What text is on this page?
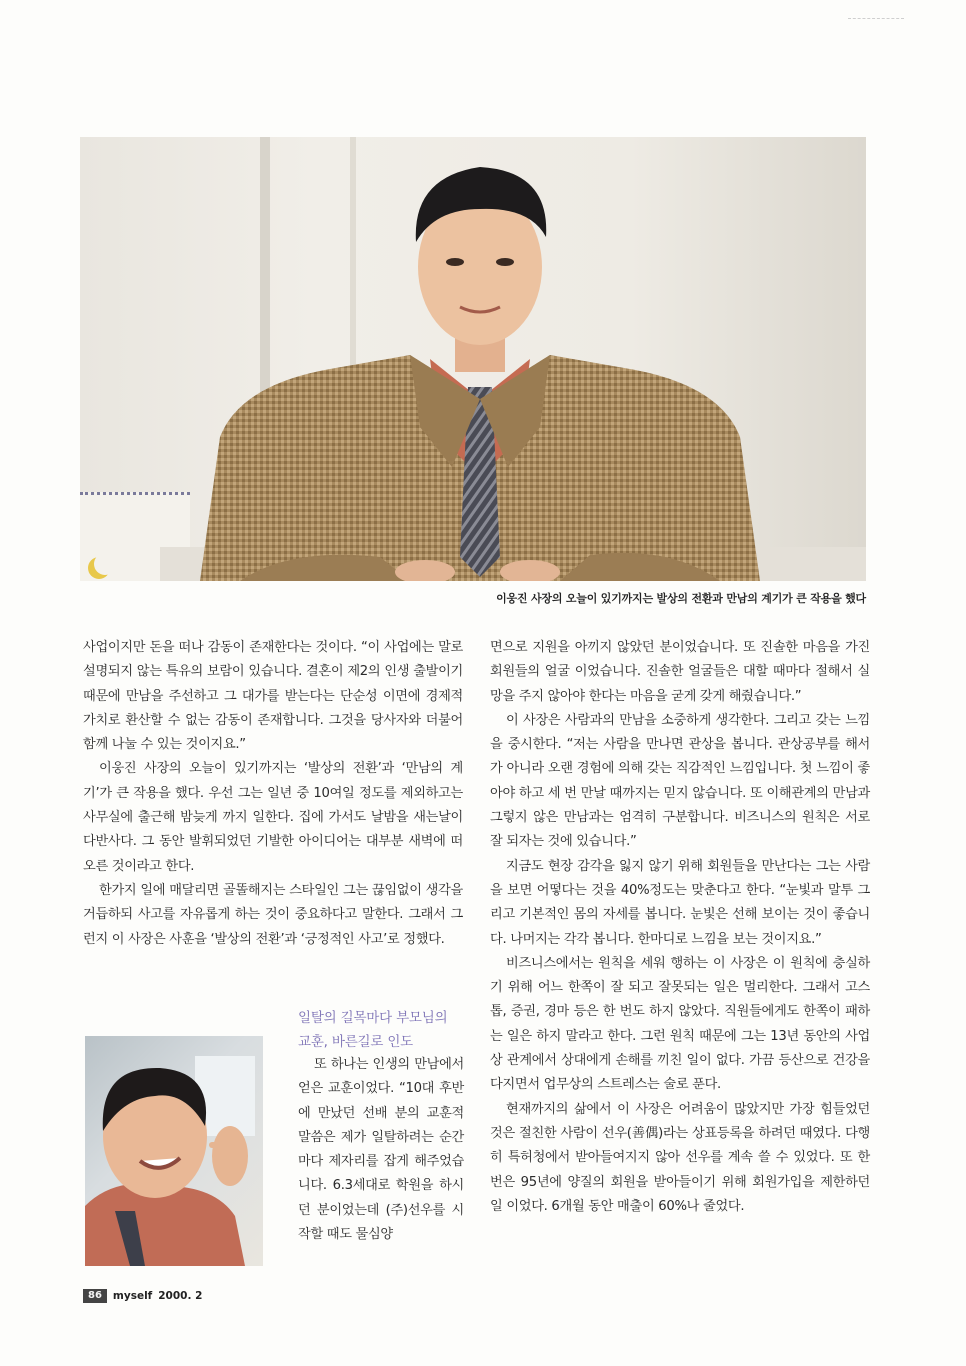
이웅진 사장의 오늘이 있기까지는 발상의 전환과 만남의 계기가 큰 작용을 했다

사업이지만 돈을 떠나 감동이 존재한다는 것이다. “이 사업에는 말로 설명되지 않는 특유의 보람이 있습니다. 결혼이 제2의 인생 출발이기 때문에 만남을 주선하고 그 대가를 받는다는 단순성 이면에 경제적 가치로 환산할 수 없는 감동이 존재합니다. 그것을 당사자와 더불어 함께 나눌 수 있는 것이지요.”

이웅진 사장의 오늘이 있기까지는 ‘발상의 전환’과 ‘만남의 계기’가 큰 작용을 했다. 우선 그는 일년 중 10여일 정도를 제외하고는 사무실에 출근해 밤늦게 까지 일한다. 집에 가서도 날밤을 새는날이 다반사다. 그 동안 발휘되었던 기발한 아이디어는 대부분 새벽에 떠오른 것이라고 한다.

한가지 일에 매달리면 골똘해지는 스타일인 그는 끊임없이 생각을 거듭하되 사고를 자유롭게 하는 것이 중요하다고 말한다. 그래서 그런지 이 사장은 사훈을 ‘발상의 전환’과 ‘긍정적인 사고’로 정했다.

일탈의 길목마다 부모님의
교훈, 바른길로 인도

또 하나는 인생의 만남에서 얻은 교훈이었다. “10대 후반에 만났던 선배 분의 교훈적 말씀은 제가 일탈하려는 순간마다 제자리를 잡게 해주었습니다. 6.3세대로 학원을 하시던 분이었는데 (주)선우를 시작할 때도 물심양

면으로 지원을 아끼지 않았던 분이었습니다. 또 진솔한 마음을 가진 회원들의 얼굴 이었습니다. 진솔한 얼굴들은 대할 때마다 절해서 실망을 주지 않아야 한다는 마음을 굳게 갖게 해줬습니다.”

이 사장은 사람과의 만남을 소중하게 생각한다. 그리고 갖는 느낌을 중시한다. “저는 사람을 만나면 관상을 봅니다. 관상공부를 해서가 아니라 오랜 경험에 의해 갖는 직감적인 느낌입니다. 첫 느낌이 좋아야 하고 세 번 만날 때까지는 믿지 않습니다. 또 이해관계의 만남과 그렇지 않은 만남과는 엄격히 구분합니다. 비즈니스의 원칙은 서로 잘 되자는 것에 있습니다.”

지금도 현장 감각을 잃지 않기 위해 회원들을 만난다는 그는 사람을 보면 어떻다는 것을 40%정도는 맞춘다고 한다. “눈빛과 말투 그리고 기본적인 몸의 자세를 봅니다. 눈빛은 선해 보이는 것이 좋습니다. 나머지는 각각 봅니다. 한마디로 느낌을 보는 것이지요.”

비즈니스에서는 원칙을 세워 행하는 이 사장은 이 원칙에 충실하기 위해 어느 한쪽이 잘 되고 잘못되는 일은 멀리한다. 그래서 고스톱, 증권, 경마 등은 한 번도 하지 않았다. 직원들에게도 한쪽이 패하는 일은 하지 말라고 한다. 그런 원칙 때문에 그는 13년 동안의 사업상 관계에서 상대에게 손해를 끼친 일이 없다. 가끔 등산으로 건강을 다지면서 업무상의 스트레스는 술로 푼다.

현재까지의 삶에서 이 사장은 어려움이 많았지만 가장 힘들었던 것은 절친한 사람이 선우(善偶)라는 상표등록을 하려던 때였다. 다행히 특허청에서 받아들여지지 않아 선우를 계속 쓸 수 있었다. 또 한 번은 95년에 양질의 회원을 받아들이기 위해 회원가입을 제한하던 일 이었다. 6개월 동안 매출이 60%나 줄었다.

86	myself 2000. 2
